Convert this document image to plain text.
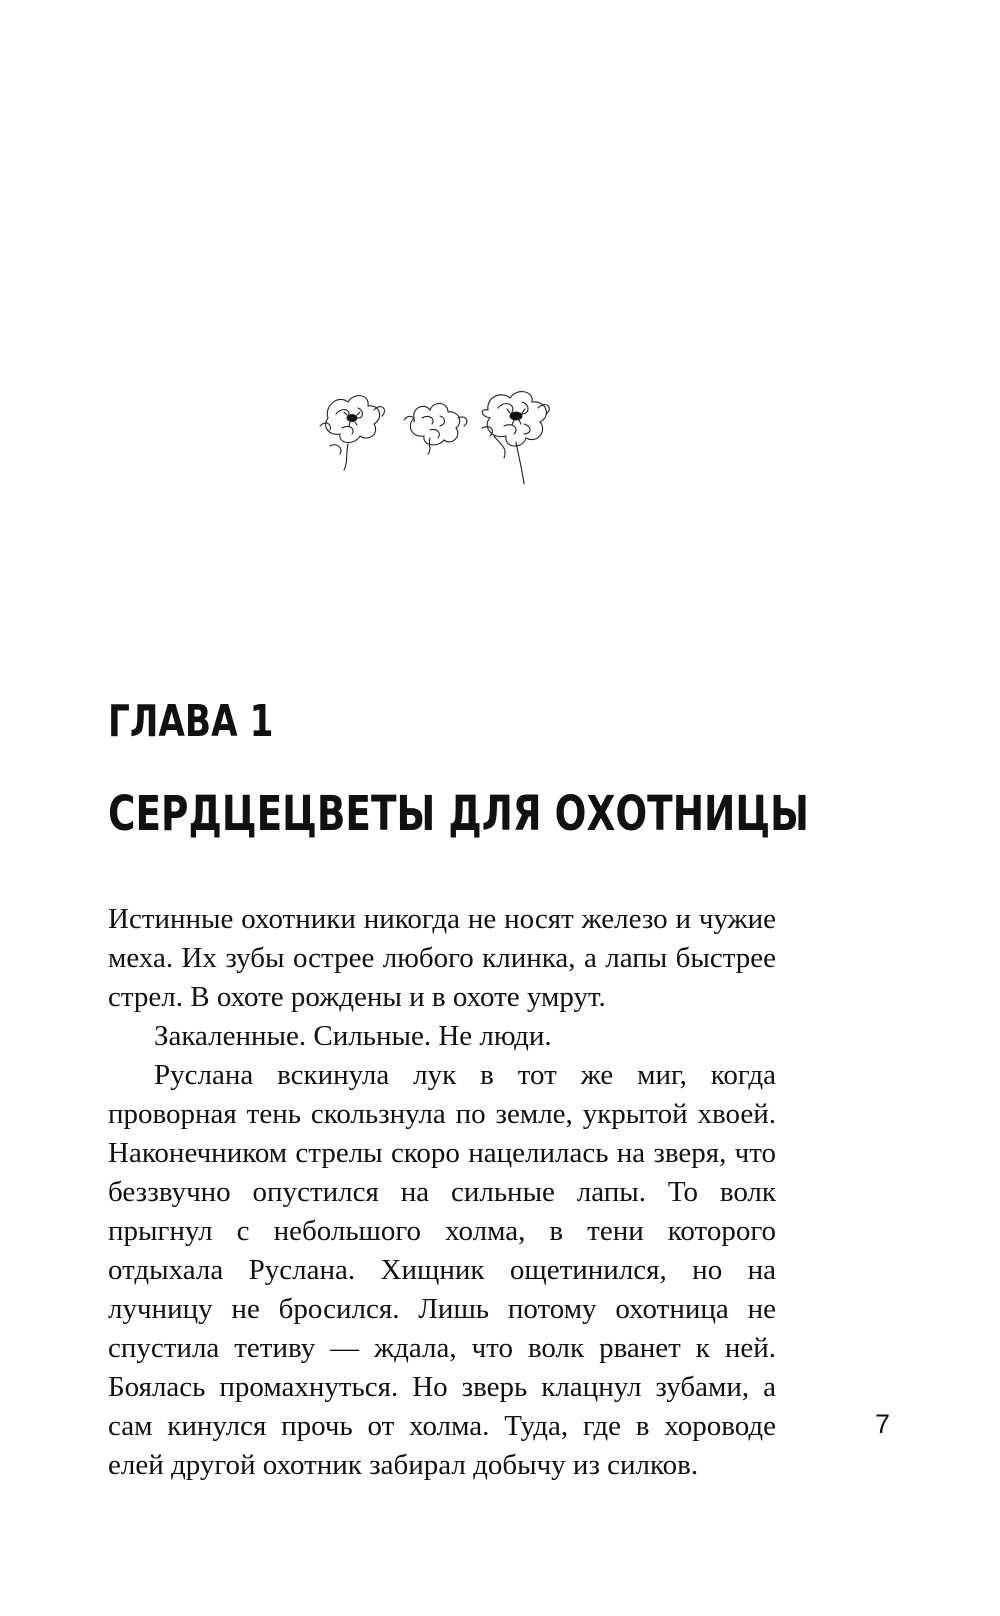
ГЛАВА 1
СЕРДЦЕЦВЕТЫ ДЛЯ ОХОТНИЦЫ

Истинные охотники никогда не носят железо и чужие меха. Их зубы острее любого клинка, а лапы быстрее стрел. В охоте рождены и в охоте умрут.

Закаленные. Сильные. Не люди.

Руслана вскинула лук в тот же миг, когда проворная тень скользнула по земле, укрытой хвоей. Наконечником стрелы скоро нацелилась на зверя, что беззвучно опустился на сильные лапы. То волк прыгнул с небольшого холма, в тени которого отдыхала Руслана. Хищник ощетинился, но на лучницу не бросился. Лишь потому охотница не спустила тетиву — ждала, что волк рванет к ней. Боялась промахнуться. Но зверь клацнул зубами, а сам кинулся прочь от холма. Туда, где в хороводе елей другой охотник забирал добычу из силков.

7
